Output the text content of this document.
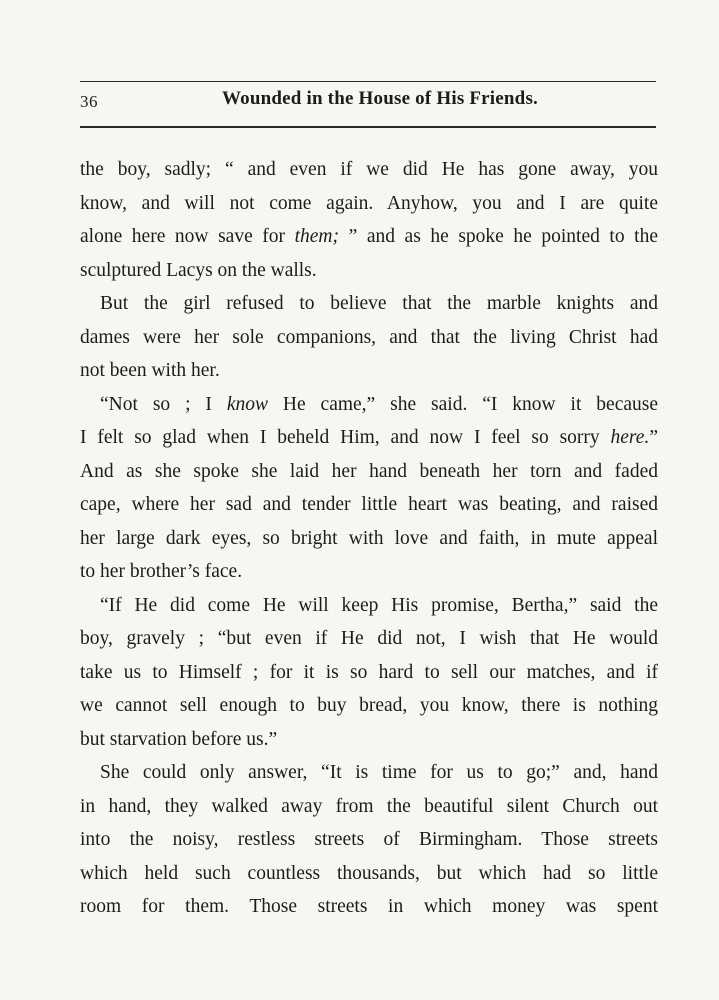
36	Wounded in the House of His Friends.
the boy, sadly; “ and even if we did He has gone away, you
know, and will not come again. Anyhow, you and I are quite
alone here now save for them; ” and as he spoke he pointed to the
sculptured Lacys on the walls.
But the girl refused to believe that the marble knights and
dames were her sole companions, and that the living Christ had
not been with her.
“Not so ; I know He came,” she said. “I know it because
I felt so glad when I beheld Him, and now I feel so sorry here.”
And as she spoke she laid her hand beneath her torn and faded
cape, where her sad and tender little heart was beating, and raised
her large dark eyes, so bright with love and faith, in mute appeal
to her brother’s face.
“If He did come He will keep His promise, Bertha,” said the
boy, gravely ; “but even if He did not, I wish that He would
take us to Himself ; for it is so hard to sell our matches, and if
we cannot sell enough to buy bread, you know, there is nothing
but starvation before us.”
She could only answer, “It is time for us to go;” and, hand
in hand, they walked away from the beautiful silent Church out
into the noisy, restless streets of Birmingham. Those streets
which held such countless thousands, but which had so little
room for them. Those streets in which money was spent
